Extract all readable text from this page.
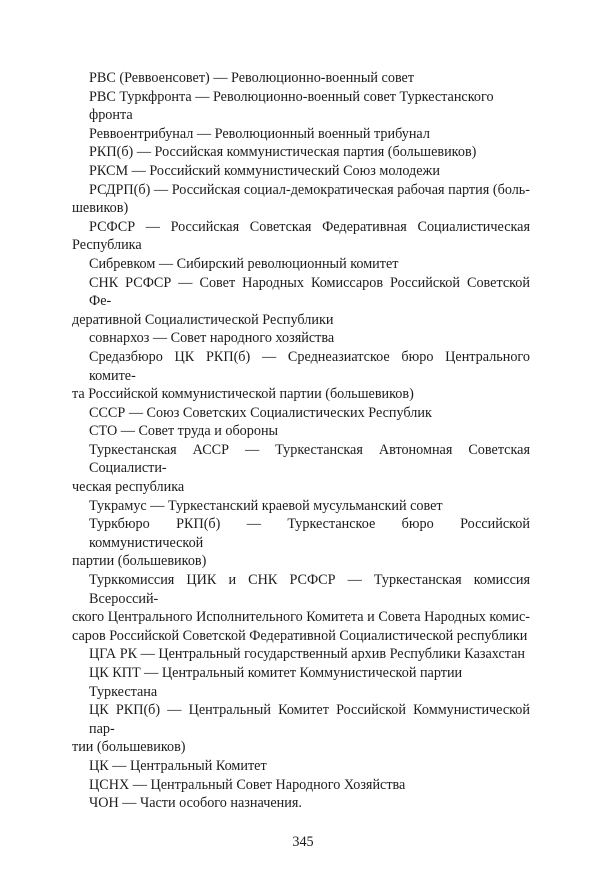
РВС (Реввоенсовет) — Революционно-военный совет
РВС Туркфронта — Революционно-военный совет Туркестанского фронта
Реввоентрибунал — Революционный военный трибунал
РКП(б) — Российская коммунистическая партия (большевиков)
РКСМ — Российский коммунистический Союз молодежи
РСДРП(б) — Российская социал-демократическая рабочая партия (боль-
шевиков)
РСФСР — Российская Советская Федеративная Социалистическая
Республика
Сибревком — Сибирский революционный комитет
СНК РСФСР — Совет Народных Комиссаров Российской Советской Фе-
деративной Социалистической Республики
совнархоз — Совет народного хозяйства
Средазбюро ЦК РКП(б) — Среднеазиатское бюро Центрального комите-
та Российской коммунистической партии (большевиков)
СССР — Союз Советских Социалистических Республик
СТО — Совет труда и обороны
Туркестанская АССР — Туркестанская Автономная Советская Социалисти-
ческая республика
Тукрамус — Туркестанский краевой мусульманский совет
Туркбюро РКП(б) — Туркестанское бюро Российской коммунистической
партии (большевиков)
Турккомиссия ЦИК и СНК РСФСР — Туркестанская комиссия Всероссий-
ского Центрального Исполнительного Комитета и Совета Народных комис-
саров Российской Советской Федеративной Социалистической республики
ЦГА РК — Центральный государственный архив Республики Казахстан
ЦК КПТ — Центральный комитет Коммунистической партии Туркестана
ЦК РКП(б) — Центральный Комитет Российской Коммунистической пар-
тии (большевиков)
ЦК — Центральный Комитет
ЦСНХ — Центральный Совет Народного Хозяйства
ЧОН — Части особого назначения.
345
